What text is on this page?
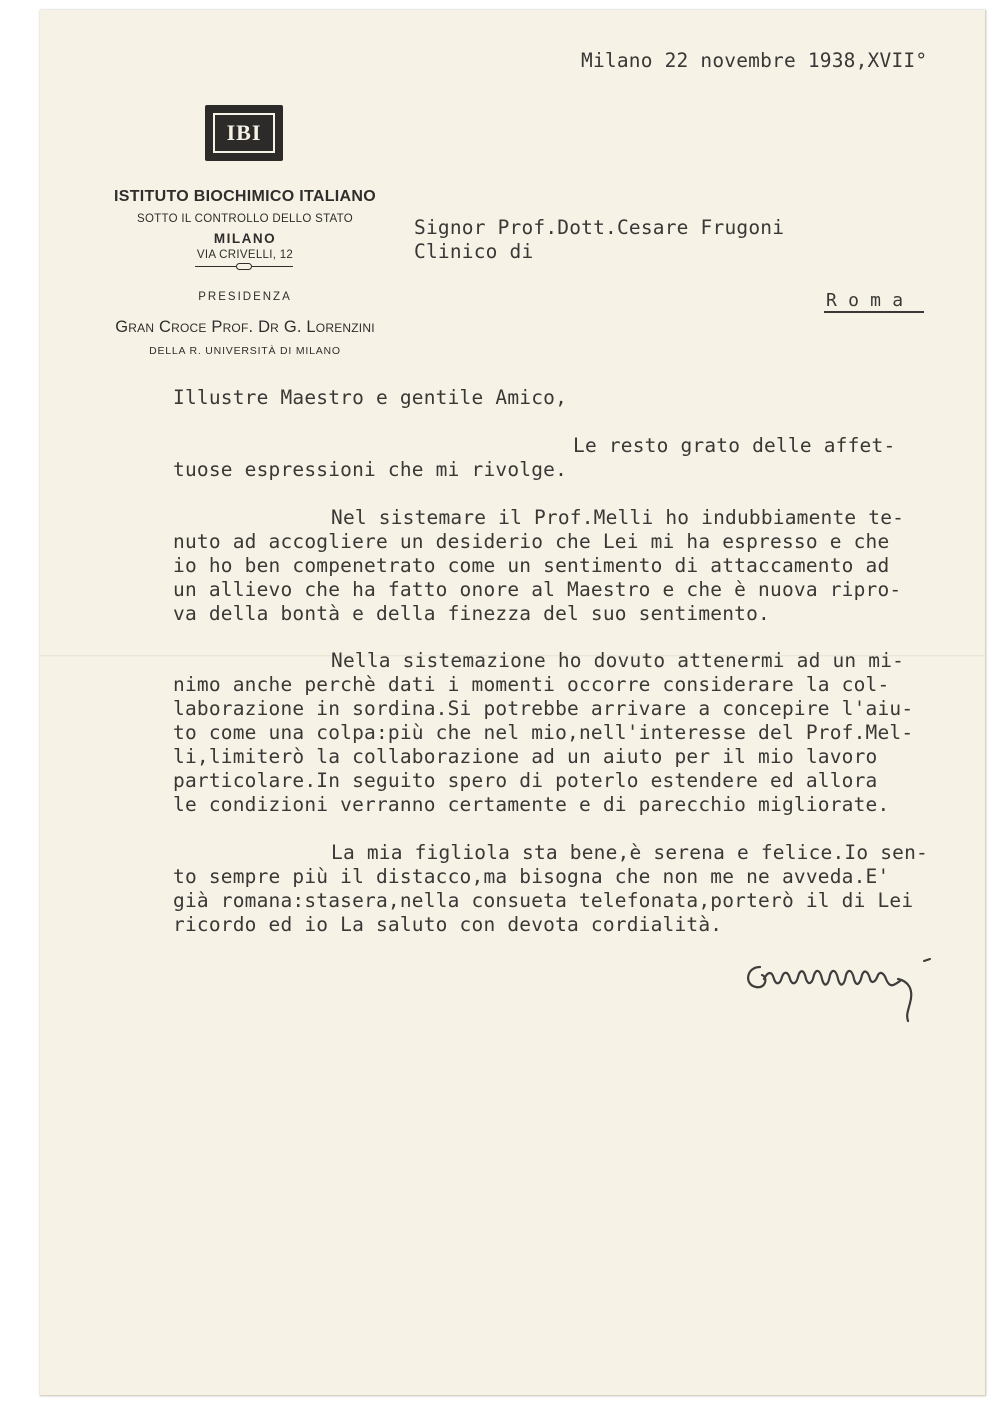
IBI
ISTITUTO BIOCHIMICO ITALIANO
SOTTO IL CONTROLLO DELLO STATO
MILANO
VIA CRIVELLI, 12
PRESIDENZA
Gran Croce Prof. Dr G. Lorenzini
DELLA R. UNIVERSITÀ DI MILANO
Milano 22 novembre 1938,XVII°
Signor Prof.Dott.Cesare Frugoni
Clinico di
R o m a
Illustre Maestro e gentile Amico,
Le resto grato delle affet-
tuose espressioni che mi rivolge.
Nel sistemare il Prof.Melli ho indubbiamente te-
nuto ad accogliere un desiderio che Lei mi ha espresso e che
io ho ben compenetrato come un sentimento di attaccamento ad
un allievo che ha fatto onore al Maestro e che è nuova ripro-
va della bontà e della finezza del suo sentimento.
Nella sistemazione ho dovuto attenermi ad un mi-
nimo anche perchè dati i momenti occorre considerare la col-
laborazione in sordina.Si potrebbe arrivare a concepire l'aiu-
to come una colpa:più che nel mio,nell'interesse del Prof.Mel-
li,limiterò la collaborazione ad un aiuto per il mio lavoro
particolare.In seguito spero di poterlo estendere ed allora
le condizioni verranno certamente e di parecchio migliorate.
La mia figliola sta bene,è serena e felice.Io sen-
to sempre più il distacco,ma bisogna che non me ne avveda.E'
già romana:stasera,nella consueta telefonata,porterò il di Lei
ricordo ed io La saluto con devota cordialità.
